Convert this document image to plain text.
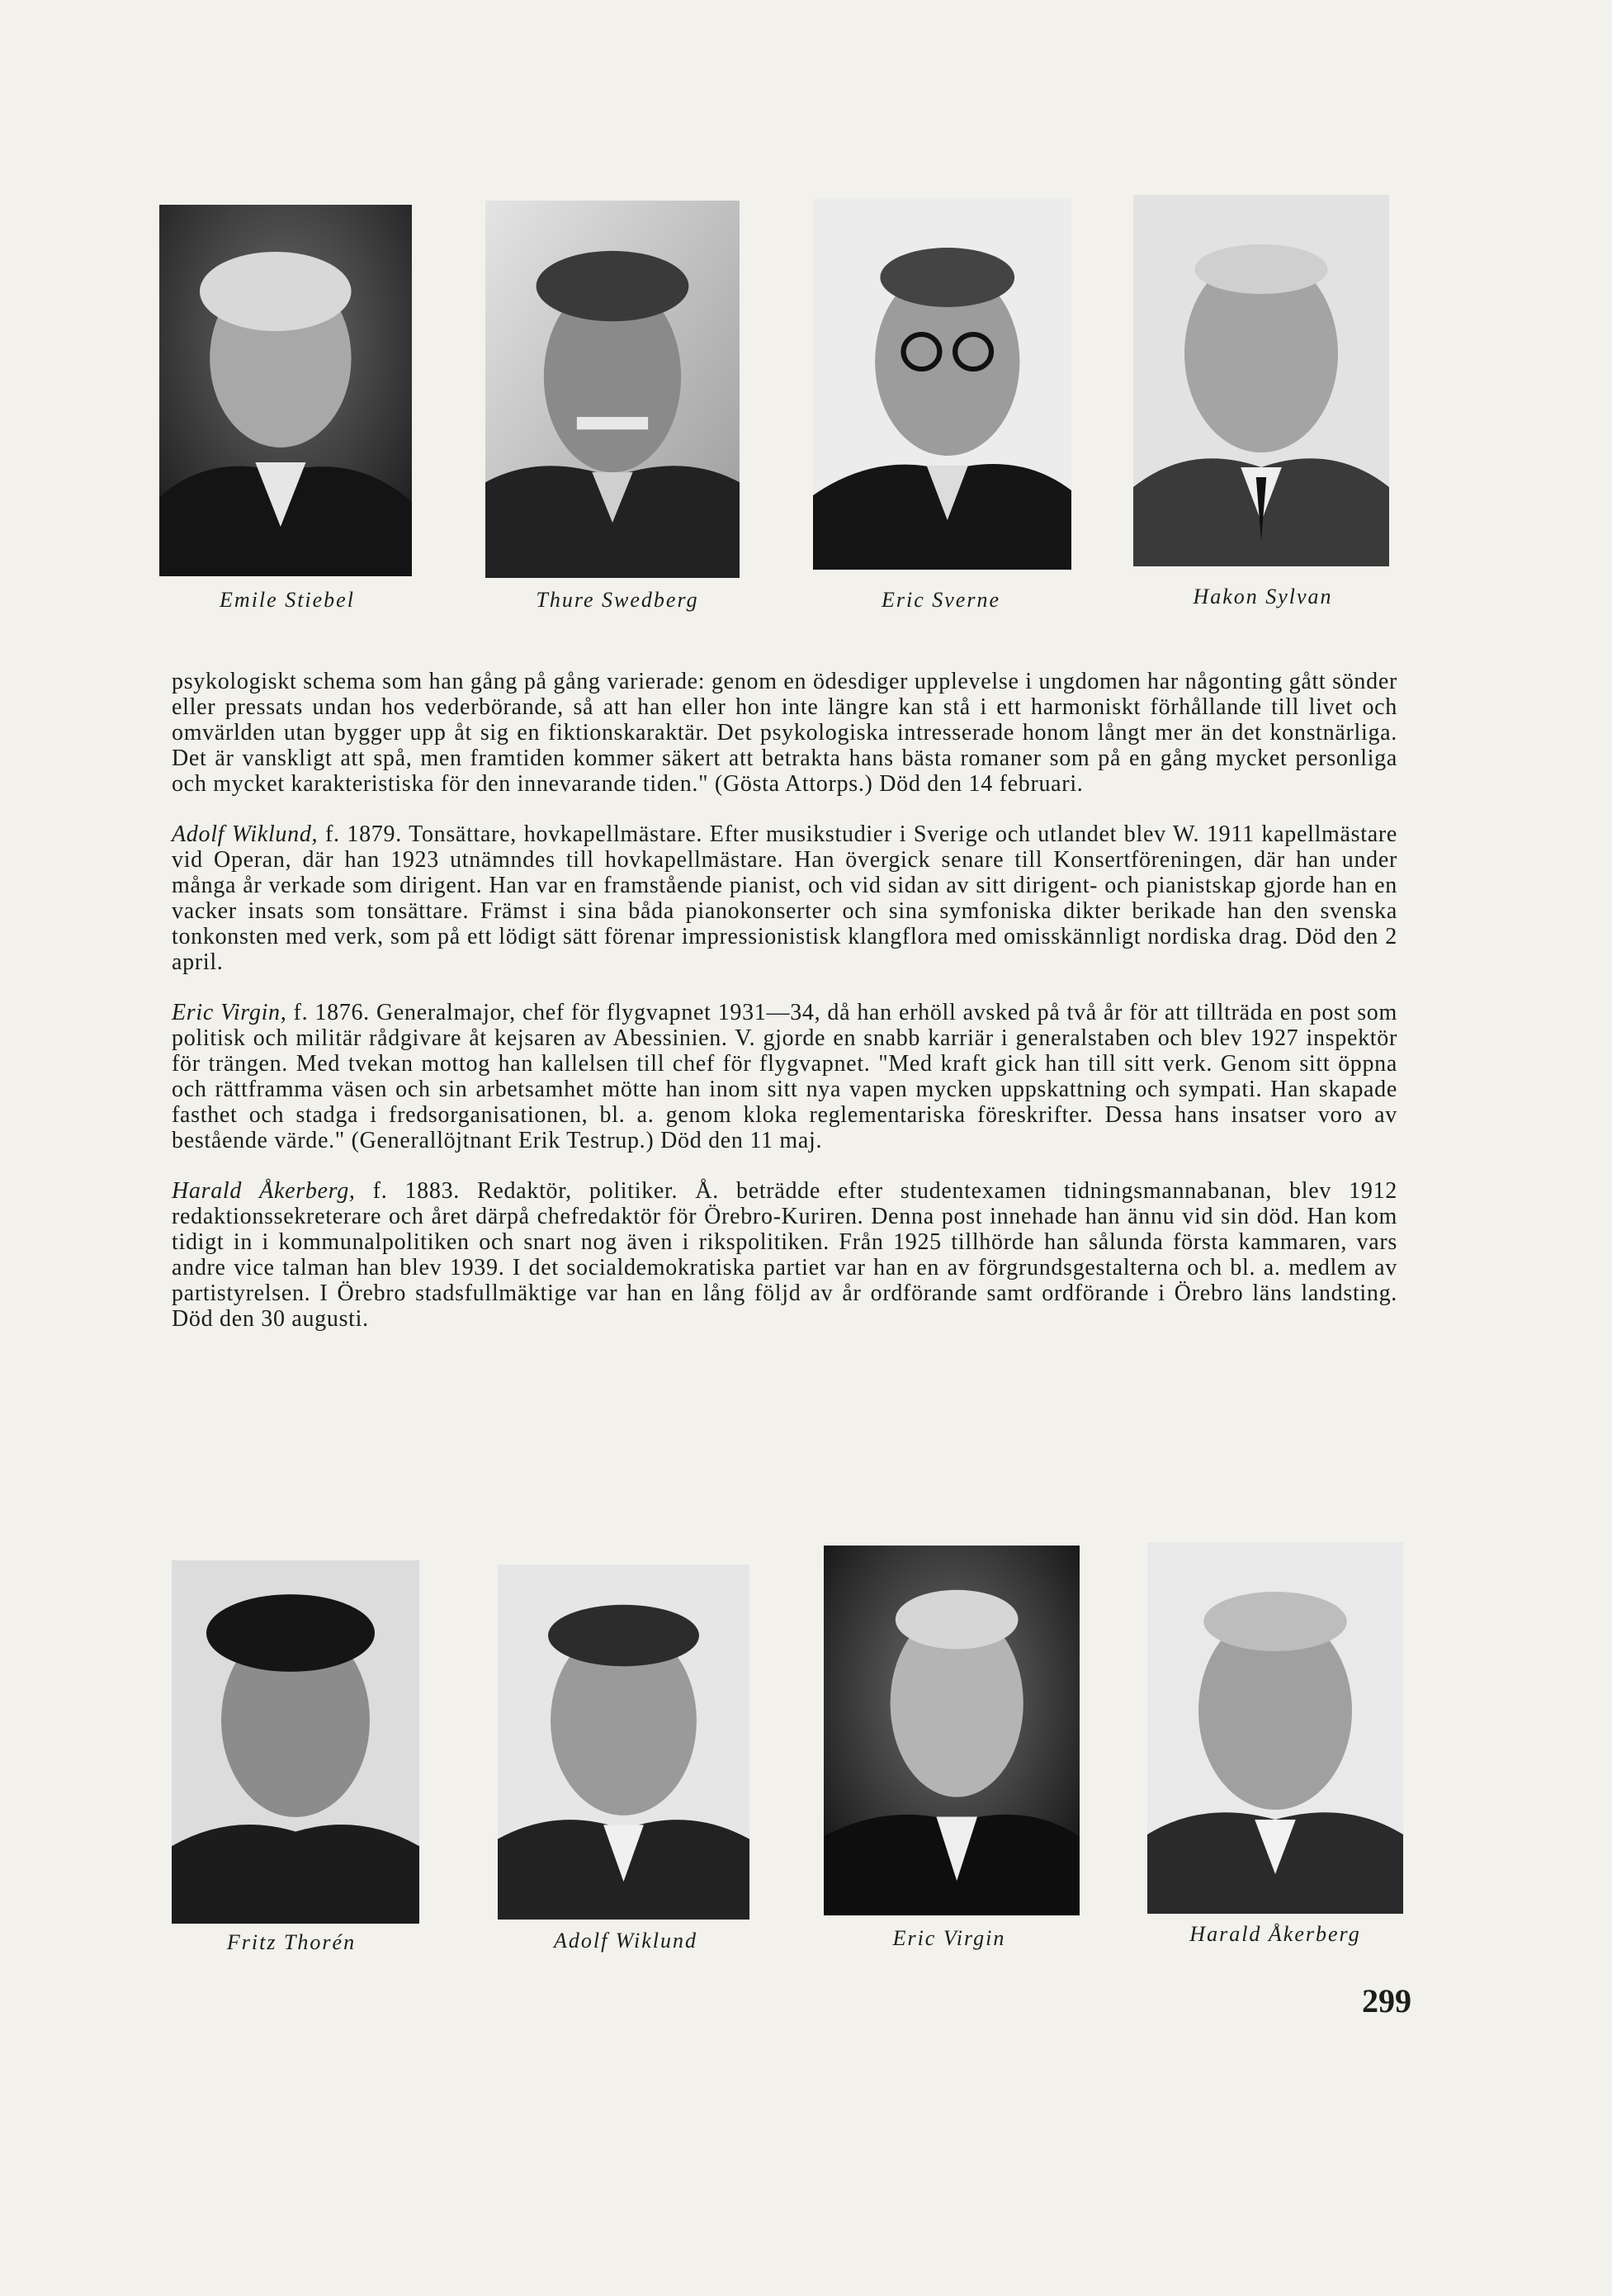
Emile Stiebel	Thure Swedberg	Eric Sverne	Hakon Sylvan

psykologiskt schema som han gång på gång varierade: genom en ödesdiger upplevelse i ungdomen har någonting gått sönder eller pressats undan hos vederbörande, så att han eller hon inte längre kan stå i ett harmoniskt förhållande till livet och omvärlden utan bygger upp åt sig en fiktionskaraktär. Det psykologiska intresserade honom långt mer än det konstnärliga. Det är vanskligt att spå, men framtiden kommer säkert att betrakta hans bästa romaner som på en gång mycket personliga och mycket karakteristiska för den innevarande tiden." (Gösta Attorps.) Död den 14 februari.

Adolf Wiklund, f. 1879. Tonsättare, hovkapellmästare. Efter musikstudier i Sverige och utlandet blev W. 1911 kapellmästare vid Operan, där han 1923 utnämndes till hovkapellmästare. Han övergick senare till Konsertföreningen, där han under många år verkade som dirigent. Han var en framstående pianist, och vid sidan av sitt dirigent- och pianistskap gjorde han en vacker insats som tonsättare. Främst i sina båda pianokonserter och sina symfoniska dikter berikade han den svenska tonkonsten med verk, som på ett lödigt sätt förenar impressionistisk klangflora med omisskännligt nordiska drag. Död den 2 april.

Eric Virgin, f. 1876. Generalmajor, chef för flygvapnet 1931—34, då han erhöll avsked på två år för att tillträda en post som politisk och militär rådgivare åt kejsaren av Abessinien. V. gjorde en snabb karriär i generalstaben och blev 1927 inspektör för trängen. Med tvekan mottog han kallelsen till chef för flygvapnet. "Med kraft gick han till sitt verk. Genom sitt öppna och rättframma väsen och sin arbetsamhet mötte han inom sitt nya vapen mycken uppskattning och sympati. Han skapade fasthet och stadga i fredsorganisationen, bl. a. genom kloka reglementariska föreskrifter. Dessa hans insatser voro av bestående värde." (Generallöjtnant Erik Testrup.) Död den 11 maj.

Harald Åkerberg, f. 1883. Redaktör, politiker. Å. beträdde efter studentexamen tidningsmannabanan, blev 1912 redaktionssekreterare och året därpå chefredaktör för Örebro-Kuriren. Denna post innehade han ännu vid sin död. Han kom tidigt in i kommunalpolitiken och snart nog även i rikspolitiken. Från 1925 tillhörde han sålunda första kammaren, vars andre vice talman han blev 1939. I det socialdemokratiska partiet var han en av förgrundsgestalterna och bl. a. medlem av partistyrelsen. I Örebro stadsfullmäktige var han en lång följd av år ordförande samt ordförande i Örebro läns landsting. Död den 30 augusti.

Fritz Thorén	Adolf Wiklund	Eric Virgin	Harald Åkerberg
299
